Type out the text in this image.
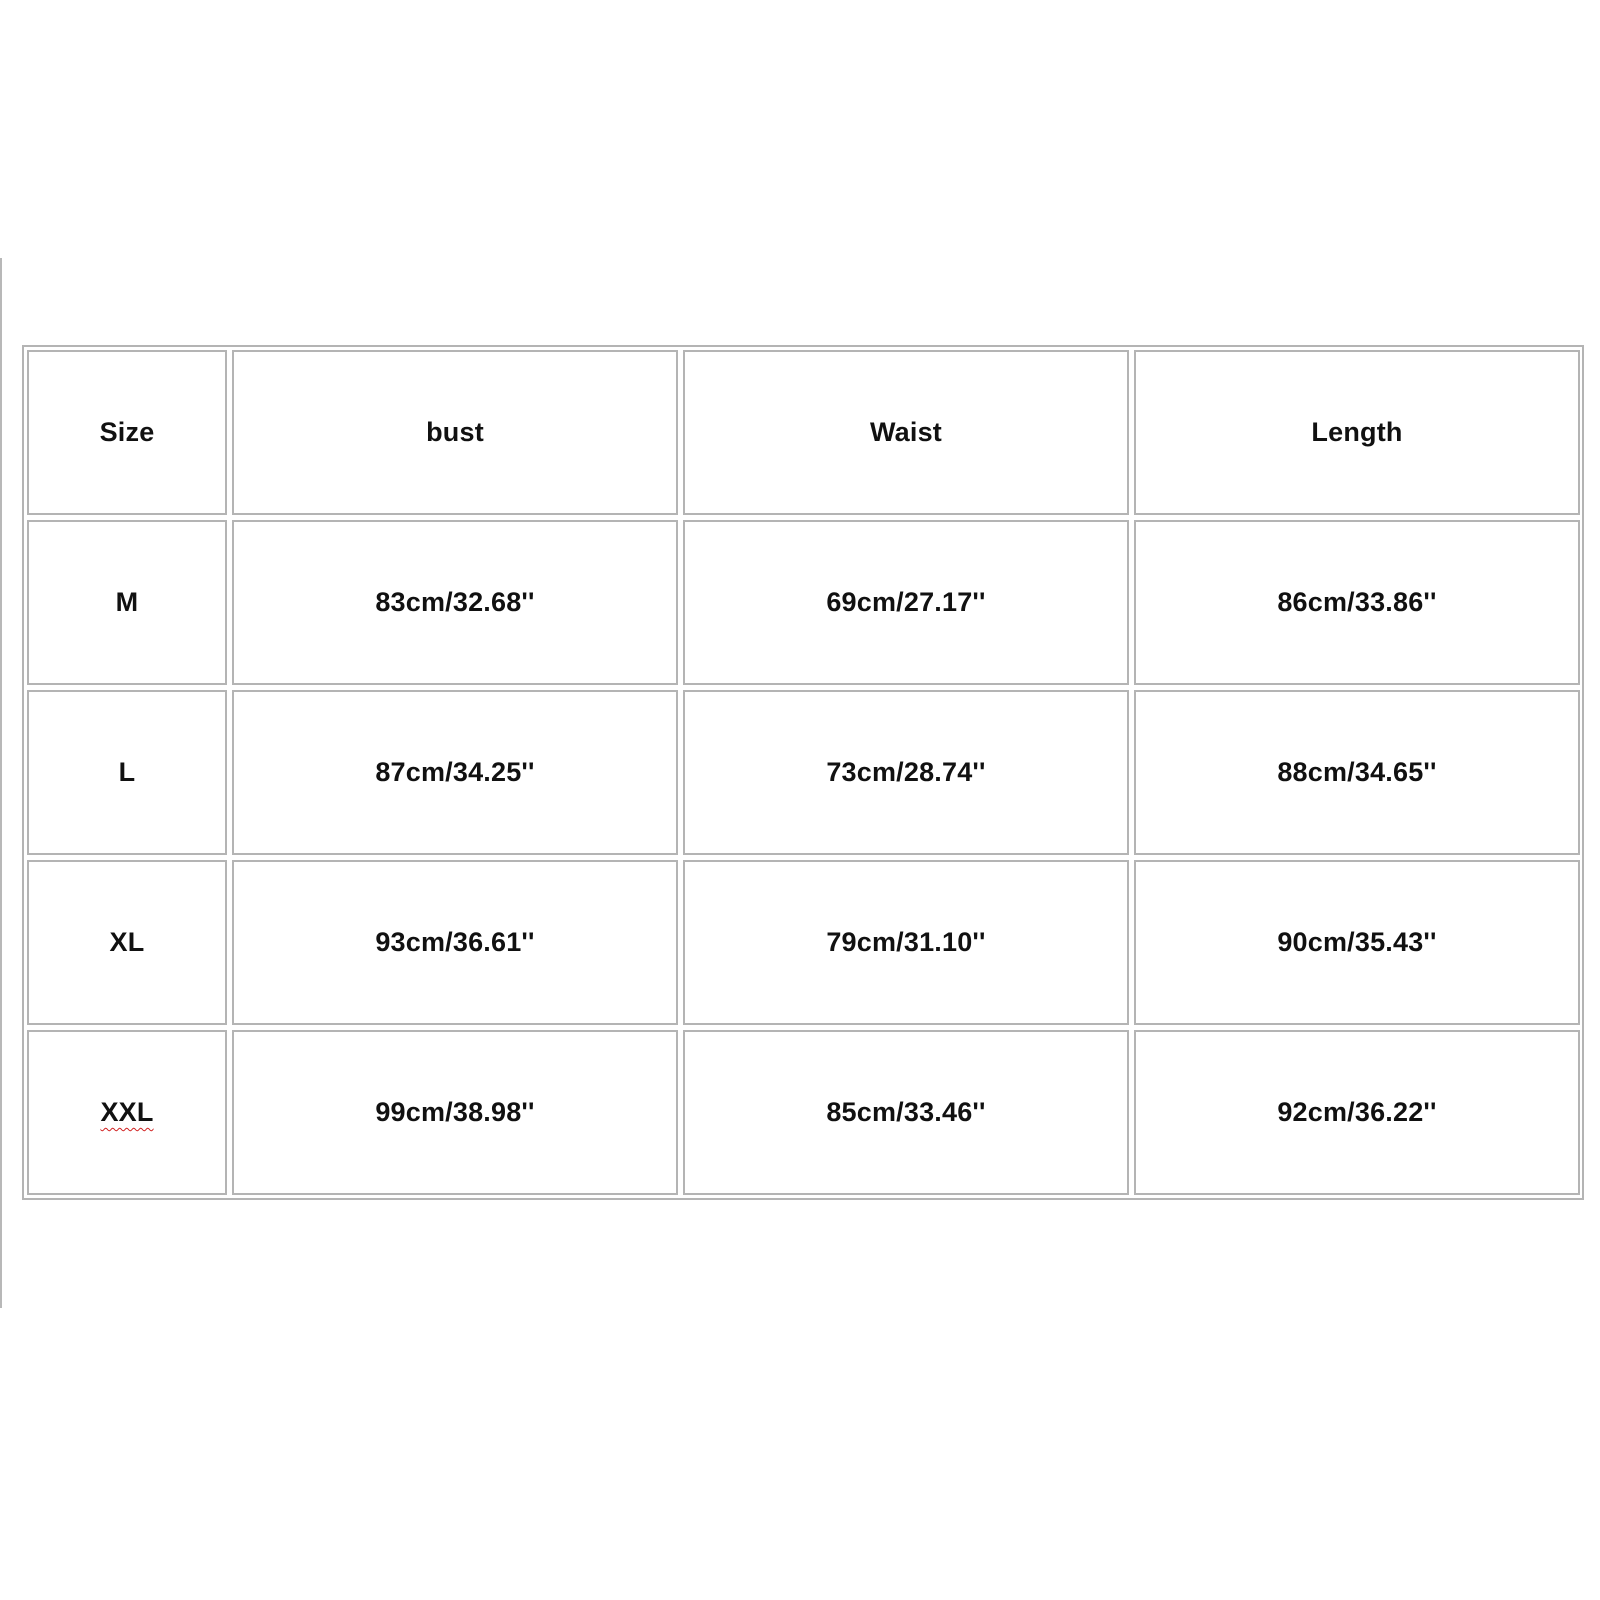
Size	bust	Waist	Length
M	83cm/32.68''	69cm/27.17''	86cm/33.86''
L	87cm/34.25''	73cm/28.74''	88cm/34.65''
XL	93cm/36.61''	79cm/31.10''	90cm/35.43''
XXL	99cm/38.98''	85cm/33.46''	92cm/36.22''
